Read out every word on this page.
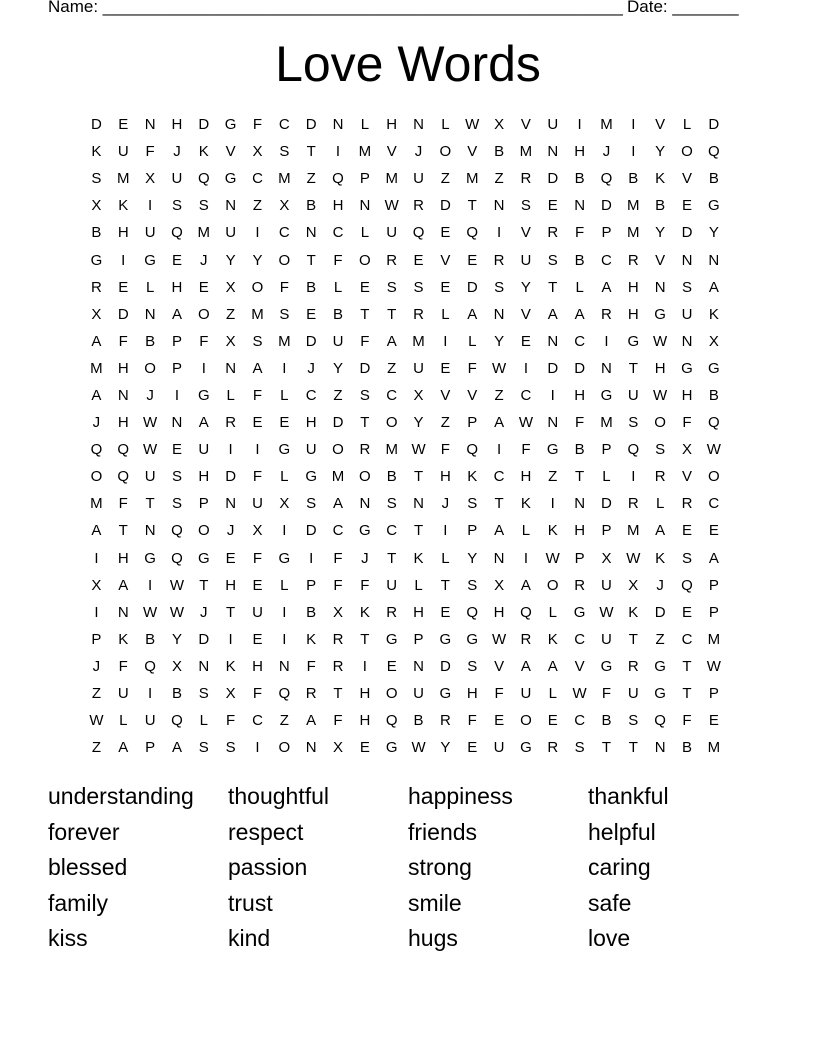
Name: _______________________________________________________ Date: _______
Love Words
D	E	N	H	D	G	F	C	D	N	L	H	N	L	W X	V	U	I	M	I	V	L	D
K	U	F	J	K	V	X	S	T	I	M	V	J	O	V	B	M	N	H	J	I	Y	O	Q
S	M	X	U	Q	G	C	M	Z	Q	P	M	U	Z	M	Z	R	D	B	Q	B	K	V	B
X	K	I	S	S	N	Z	X	B	H	N W R	D	T	N	S	E	N	D	M	B	E	G
B	H	U	Q M	U	I	C	N	C	L	U	Q	E	Q	I	V	R	F	P	M	Y	D	Y
G	I	G	E	J	Y	Y	O	T	F	O	R	E	V	E	R	U	S	B	C	R	V	N	N
R	E	L	H	E	X	O	F	B	L	E	S	S	E	D	S	Y	T	L	A	H	N	S	A
X	D	N	A	O	Z	M	S	E	B	T	T	R	L	A	N	V	A	A	R	H	G	U	K
A	F	B	P	F	X	S	M	D	U	F	A	M	I	L	Y	E	N	C	I	G W N	X
M	H	O	P	I	N	A	I	J	Y	D	Z	U	E	F	W	I	D	D	N	T	H	G	G
A	N	J	I	G	L	F	L	C	Z	S	C	X	V	V	Z	C	I	H	G	U W H	B
J	H W N	A	R	E	E	H	D	T	O	Y	Z	P	A W N	F	M	S	O	F	Q
Q	Q W E	U	I	I	G	U	O	R	M W	F	Q	I	F	G	B	P	Q	S	X W
O	Q	U	S	H	D	F	L	G M O	B	T	H	K	C	H	Z	T	L	I	R	V	O
M	F	T	S	P	N	U	X	S	A	N	S	N	J	S	T	K	I	N	D	R	L	R	C
A	T	N	Q	O	J	X	I	D	C	G	C	T	I	P	A	L	K	H	P	M	A	E	E
I	H	G	Q	G	E	F	G	I	F	J	T	K	L	Y	N	I	W P	X W K	S	A
X	A	I	W	T	H	E	L	P	F	F	U	L	T	S	X	A	O	R	U	X	J	Q	P
I	N W W	J	T	U	I	B	X	K	R	H	E	Q	H	Q	L	G W K	D	E	P
P	K	B	Y	D	I	E	I	K	R	T	G	P	G	G W R	K	C	U	T	Z	C	M
J	F	Q	X	N	K	H	N	F	R	I	E	N	D	S	V	A	A	V	G	R	G	T	W
Z	U	I	B	S	X	F	Q	R	T	H	O	U	G	H	F	U	L	W	F	U	G	T	P
W	L	U	Q	L	F	C	Z	A	F	H	Q	B	R	F	E	O	E	C	B	S	Q	F	E
Z	A	P	A	S	S	I	O	N	X	E	G W Y	E	U	G	R	S	T	T	N	B	M
understanding	thoughtful	happiness	thankful
forever	respect	friends	helpful
blessed	passion	strong	caring
family	trust	smile	safe
kiss	kind	hugs	love
